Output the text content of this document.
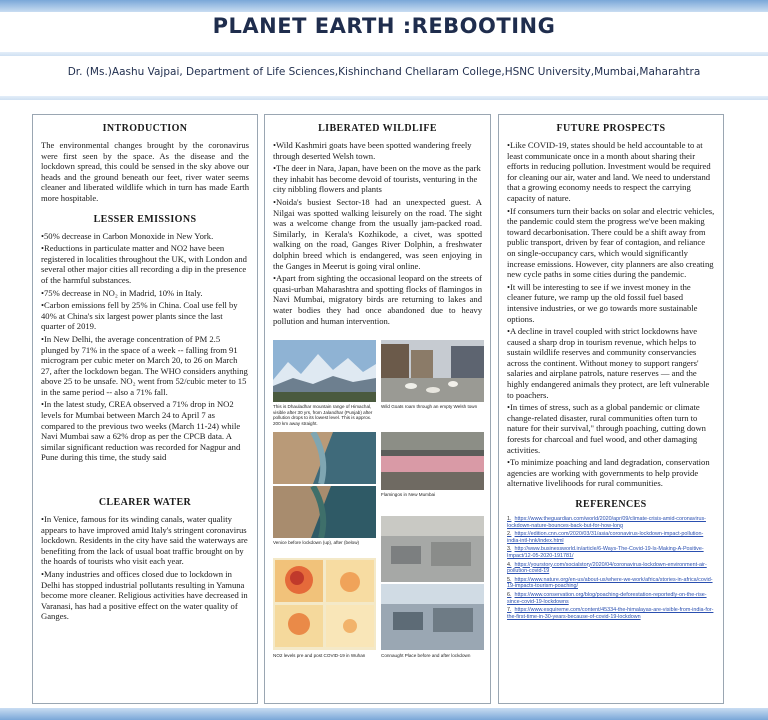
PLANET EARTH :REBOOTING
Dr. (Ms.)Aashu Vajpai, Department of Life Sciences,Kishinchand Chellaram College,HSNC University,Mumbai,Maharahtra
INTRODUCTION

The environmental changes brought by the coronavirus were first seen by the space. As the disease and the lockdown spread, this could be sensed in the sky above our heads and the ground beneath our feet, river water seems cleaner and liberated wildlife which in turn has made Earth more hospitable.

LESSER EMISSIONS

•50% decrease in Carbon Monoxide in New York.

•Reductions in particulate matter and NO2 have been registered in localities throughout the UK, with London and several other major cities all recording a dip in the presence of the harmful substances.

•75% decrease in NO₂ in Madrid, 10% in Italy.

•Carbon emissions fell by 25% in China. Coal use fell by 40% at China's six largest power plants since the last quarter of 2019.

•In New Delhi, the average concentration of PM 2.5 plunged by 71% in the space of a week -- falling from 91 microgram per cubic meter on March 20, to 26 on March 27, after the lockdown began. The WHO considers anything above 25 to be unsafe. NO₂ went from 52/cubic meter to 15 in the same period -- also a 71% fall.

•In the latest study, CREA observed a 71% drop in NO2 levels for Mumbai between March 24 to April 7 as compared to the previous two weeks (March 11-24) while Navi Mumbai saw a 62% drop as per the CPCB data. A similar significant reduction was recorded for Nagpur and Pune during this time, the study said

CLEARER WATER

•In Venice, famous for its winding canals, water quality appears to have improved amid Italy's stringent coronavirus lockdown. Residents in the city have said the waterways are benefiting from the lack of usual boat traffic brought on by the hoards of tourists who visit each year.

•Many industries and offices closed due to lockdown in Delhi has stopped industrial pollutants resulting in Yamuna become more cleaner. Religious activities have decreased in Varanasi, has had a positive effect on the water quality of Ganges.

LIBERATED WILDLIFE

•Wild Kashmiri goats have been spotted wandering freely through deserted Welsh town.

•The deer in Nara, Japan, have been on the move as the park they inhabit has become devoid of tourists, venturing in the city nibbling flowers and plants

•Noida's busiest Sector-18 had an unexpected guest. A Nilgai was spotted walking leisurely on the road. The sight was a welcome change from the usually jam-packed road. Similarly, in Kerala's Kozhikode, a civet, was spotted walking on the road, Ganges River Dolphin, a freshwater dolphin breed which is endangered, was seen enjoying in the Ganges in Meerut is going viral online.

•Apart from sighting the occasional leopard on the streets of quasi-urban Maharashtra and spotting flocks of flamingos in Navi Mumbai, migratory birds are returning to lakes and water bodies they had once abandoned due to heavy pollution and human intervention.

This is Dhauladhar mountain range of Himachal, visible after 30 yrs, from Jalandhar (Punjab) after pollution drops to its lowest level. This is approx. 200 km away straight.
Wild Goats roam through an empty Welsh town
Venice before lockdown (up), after (below)
Flamingos in New Mumbai
NO2 levels pre and post COVID-19 in Wuhan	Connaught Place before and after lockdown
FUTURE PROSPECTS

•Like COVID-19, states should be held accountable to at least communicate once in a month about sharing their efforts in reducing pollution. Investment would be required for cleaning our air, water and land. We need to understand that a growing economy needs to respect the carrying capacity of nature.

•If consumers turn their backs on solar and electric vehicles, the pandemic could stem the progress we've been making toward decarbonisation. There could be a shift away from public transport, driven by fear of contagion, and reliance on single-occupancy cars, which would significantly increase emissions. However, city planners are also creating new cycle paths in some cities during the pandemic.

•It will be interesting to see if we invest money in the cleaner future, we ramp up the old fossil fuel based intensive industries, or we go towards more sustainable options.

•A decline in travel coupled with strict lockdowns have caused a sharp drop in tourism revenue, which helps to sustain wildlife reserves and community conservancies across the continent. Without money to support rangers' salaries and airplane patrols, nature reserves — and the highly endangered animals they protect, are left vulnerable to poachers.

•In times of stress, such as a global pandemic or climate change-related disaster, rural communities often turn to nature for their survival," through poaching, cutting down forests for charcoal and fuel wood, and other damaging activities.

•To minimize poaching and land degradation, conservation agencies are working with governments to help provide alternative livelihoods for rural communities.

REFERENCES
1. https://www.theguardian.com/world/2020/apr/09/climate-crisis-amid-coronavirus-lockdown-nature-bounces-back-but-for-how-long
2. https://edition.cnn.com/2020/03/31/asia/coronavirus-lockdown-impact-pollution-india-intl-hnk/index.html
3. http://www.businessworld.in/article/6-Ways-The-Covid-19-Is-Making-A-Positive-Impact/12-05-2020-191781/
4. https://yourstory.com/socialstory/2020/04/coronavirus-lockdown-environment-air-pollution-covid-19
5. https://www.nature.org/en-us/about-us/where-we-work/africa/stories-in-africa/covid-19-impacts-tourism-poaching/
6. https://www.conservation.org/blog/poaching-deforestation-reportedly-on-the-rise-since-covid-19-lockdowns
7. https://www.esquireme.com/content/45334-the-himalayas-are-visible-from-india-for-the-first-time-in-30-years-because-of-covid-19-lockdown
